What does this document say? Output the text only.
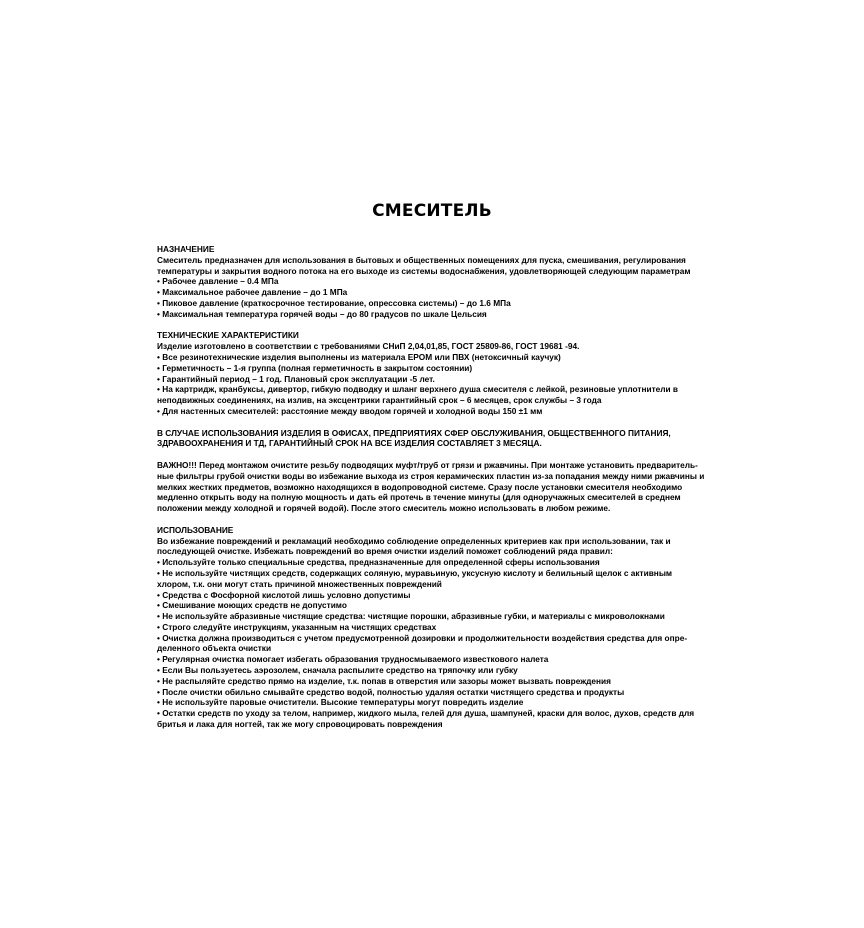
СМЕСИТЕЛЬ

НАЗНАЧЕНИЕ

Смеситель предназначен для использования в бытовых и общественных помещениях для пуска, смешивания, регулирования температуры и закрытия водного потока на его выходе из системы водоснабжения, удовлетворяющей следующим параметрам

• Рабочее давление – 0.4 МПа
• Максимальное рабочее давление – до 1 МПа
• Пиковое давление (краткосрочное тестирование, опрессовка системы) – до 1.6 МПа
• Максимальная температура горячей воды – до 80 градусов по шкале Цельсия

ТЕХНИЧЕСКИЕ ХАРАКТЕРИСТИКИ

Изделие изготовлено в соответствии с требованиями СНиП 2,04,01,85, ГОСТ 25809-86, ГОСТ 19681 -94.

• Все резинотехнические изделия выполнены из материала EPOM или ПВХ (нетоксичный каучук)
• Герметичность – 1-я группа (полная герметичность в закрытом состоянии)
• Гарантийный период – 1 год. Плановый срок эксплуатации -5 лет.
• На картридж, кранбуксы, дивертор, гибкую подводку и шланг верхнего душа смесителя с лейкой, резиновые уплотнители в неподвижных соединениях, на излив, на эксцентрики гарантийный срок – 6 месяцев, срок службы – 3 года
• Для настенных смесителей: расстояние между вводом горячей и холодной воды 150 ±1 мм

В СЛУЧАЕ ИСПОЛЬЗОВАНИЯ ИЗДЕЛИЯ В ОФИСАХ, ПРЕДПРИЯТИЯХ СФЕР ОБСЛУЖИВАНИЯ, ОБЩЕСТВЕННОГО ПИТАНИЯ, ЗДРАВООХРАНЕНИЯ И ТД, ГАРАНТИЙНЫЙ СРОК НА ВСЕ ИЗДЕЛИЯ СОСТАВЛЯЕТ 3 МЕСЯЦА.

ВАЖНО!!! Перед монтажом очистите резьбу подводящих муфт/труб от грязи и ржавчины. При монтаже установить предваритель-ные фильтры грубой очистки воды во избежание выхода из строя керамических пластин из-за попадания между ними ржавчины и мелких жестких предметов, возможно находящихся в водопроводной системе. Сразу после установки смесителя необходимо медленно открыть воду на полную мощность и дать ей протечь в течение минуты (для одноручажных смесителей в среднем положении между холодной и горячей водой). После этого смеситель можно использовать в любом режиме.

ИСПОЛЬЗОВАНИЕ

Во избежание повреждений и рекламаций необходимо соблюдение определенных критериев как при использовании, так и последующей очистке. Избежать повреждений во время очистки изделий поможет соблюдений ряда правил:

• Используйте только специальные средства, предназначенные для определенной сферы использования
• Не используйте чистящих средств, содержащих соляную, муравьиную, уксусную кислоту и белильный щелок с активным хлором, т.к. они могут стать причиной множественных повреждений
• Средства с Фосфорной кислотой лишь условно допустимы
• Смешивание моющих средств не допустимо
• Не используйте абразивные чистящие средства: чистящие порошки, абразивные губки, и материалы с микроволокнами
• Строго следуйте инструкциям, указанным на чистящих средствах
• Очистка должна производиться с учетом предусмотренной дозировки и продолжительности воздействия средства для опре-деленного объекта очистки
• Регулярная очистка помогает избегать образования трудносмываемого известкового налета
• Если Вы пользуетесь аэрозолем, сначала распылите средство на тряпочку или губку
• Не распыляйте средство прямо на изделие, т.к. попав в отверстия или зазоры может вызвать повреждения
• После очистки обильно смывайте средство водой, полностью удаляя остатки чистящего средства и продукты
• Не используйте паровые очистители. Высокие температуры могут повредить изделие
• Остатки средств по уходу за телом, например, жидкого мыла, гелей для душа, шампуней, краски для волос, духов, средств для бритья и лака для ногтей, так же могу спровоцировать повреждения
